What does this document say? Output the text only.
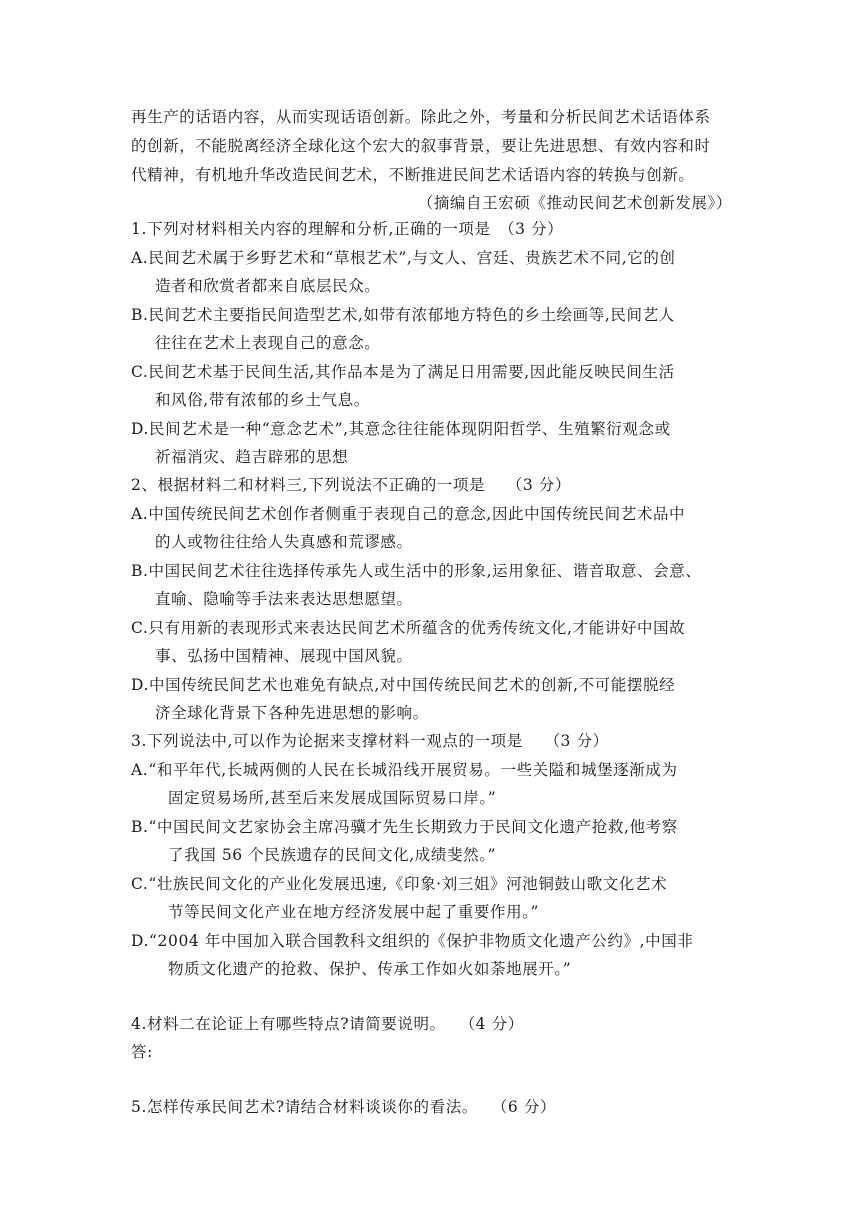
再生产的话语内容，从而实现话语创新。除此之外，考量和分析民间艺术话语体系
的创新，不能脱离经济全球化这个宏大的叙事背景，要让先进思想、有效内容和时
代精神，有机地升华改造民间艺术，不断推进民间艺术话语内容的转换与创新。
（摘编自王宏硕《推动民间艺术创新发展》）
1.下列对材料相关内容的理解和分析,正确的一项是　（3 分）
A.民间艺术属于乡野艺术和“草根艺术”,与文人、宫廷、贵族艺术不同,它的创
造者和欣赏者都来自底层民众。
B.民间艺术主要指民间造型艺术,如带有浓郁地方特色的乡土绘画等,民间艺人
往往在艺术上表现自己的意念。
C.民间艺术基于民间生活,其作品本是为了满足日用需要,因此能反映民间生活
和风俗,带有浓郁的乡土气息。
D.民间艺术是一种“意念艺术”,其意念往往能体现阴阳哲学、生殖繁衍观念或
祈福消灾、趋吉辟邪的思想
2、根据材料二和材料三,下列说法不正确的一项是　 （3 分）
A.中国传统民间艺术创作者侧重于表现自己的意念,因此中国传统民间艺术品中
的人或物往往给人失真感和荒谬感。
B.中国民间艺术往往选择传承先人或生活中的形象,运用象征、谐音取意、会意、
直喻、隐喻等手法来表达思想愿望。
C.只有用新的表现形式来表达民间艺术所蕴含的优秀传统文化,才能讲好中国故
事、弘扬中国精神、展现中国风貌。
D.中国传统民间艺术也难免有缺点,对中国传统民间艺术的创新,不可能摆脱经
济全球化背景下各种先进思想的影响。
3.下列说法中,可以作为论据来支撑材料一观点的一项是　 （3 分）
A.“和平年代,长城两侧的人民在长城沿线开展贸易。一些关隘和城堡逐渐成为
固定贸易场所,甚至后来发展成国际贸易口岸。”
B.“中国民间文艺家协会主席冯骥才先生长期致力于民间文化遗产抢救,他考察
了我国 56 个民族遗存的民间文化,成绩斐然。”
C.“壮族民间文化的产业化发展迅速,《印象·刘三姐》河池铜鼓山歌文化艺术
节等民间文化产业在地方经济发展中起了重要作用。”
D.“2004 年中国加入联合国教科文组织的《保护非物质文化遗产公约》,中国非
物质文化遗产的抢救、保护、传承工作如火如荼地展开。”
4.材料二在论证上有哪些特点?请简要说明。　 （4 分）
答:
5.怎样传承民间艺术?请结合材料谈谈你的看法。　 （6 分）
